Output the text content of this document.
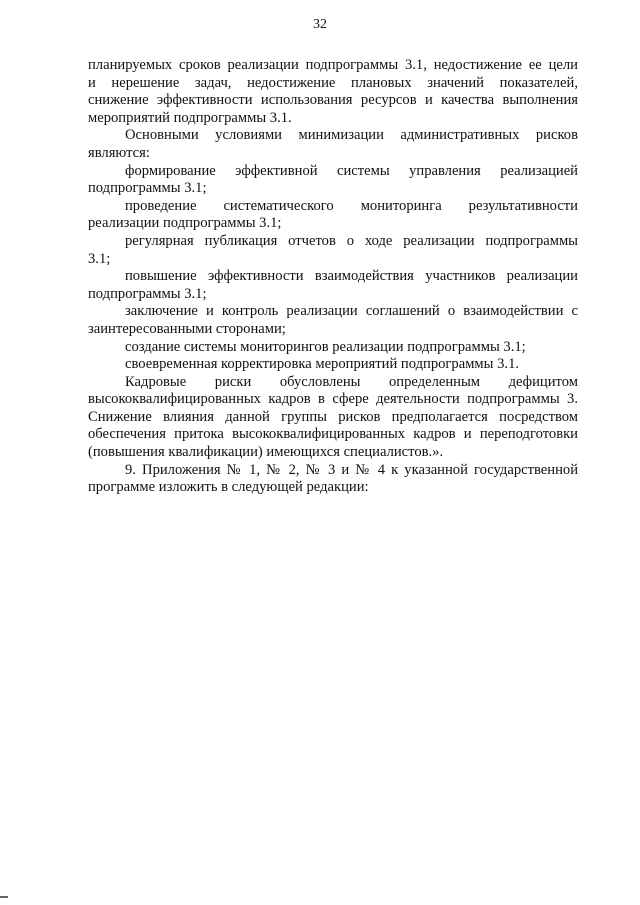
32
планируемых сроков реализации подпрограммы 3.1, недостижение ее цели
и нерешение задач, недостижение плановых значений показателей,
снижение эффективности использования ресурсов и качества выполнения
мероприятий подпрограммы 3.1.
Основными условиями минимизации административных рисков
являются:
формирование эффективной системы управления реализацией
подпрограммы 3.1;
проведение систематического мониторинга результативности
реализации подпрограммы 3.1;
регулярная публикация отчетов о ходе реализации подпрограммы
3.1;
повышение эффективности взаимодействия участников реализации
подпрограммы 3.1;
заключение и контроль реализации соглашений о взаимодействии с
заинтересованными сторонами;
создание системы мониторингов реализации подпрограммы 3.1;
своевременная корректировка мероприятий подпрограммы 3.1.
Кадровые риски обусловлены определенным дефицитом
высококвалифицированных кадров в сфере деятельности подпрограммы 3.
Снижение влияния данной группы рисков предполагается посредством
обеспечения притока высококвалифицированных кадров и переподготовки
(повышения квалификации) имеющихся специалистов.».
9. Приложения № 1, № 2, № 3 и № 4 к указанной государственной
программе изложить в следующей редакции:
